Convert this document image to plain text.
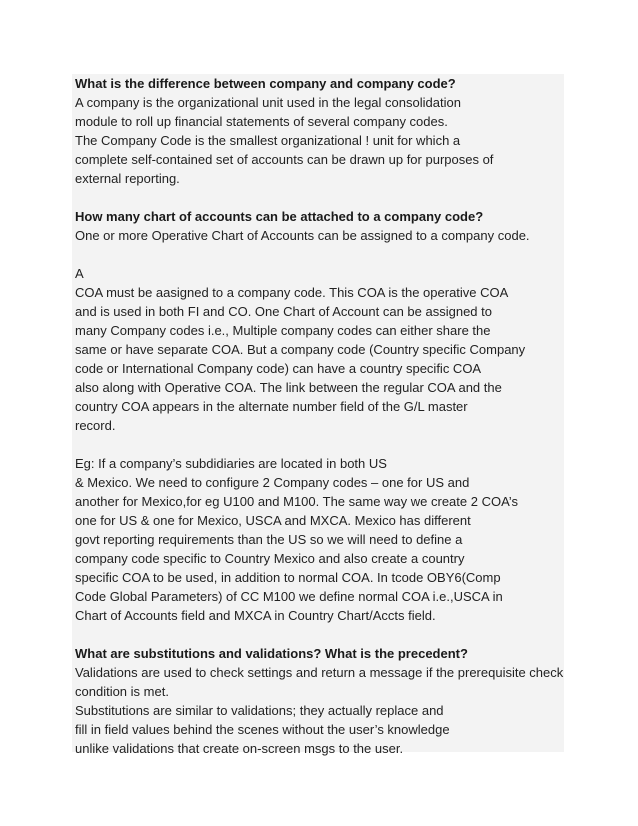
What is the difference between company and company code?
A company is the organizational unit used in the legal consolidation
module to roll up financial statements of several company codes.
The Company Code is the smallest organizational ! unit for which a
complete self-contained set of accounts can be drawn up for purposes of
external reporting.
How many chart of accounts can be attached to a company code?
One or more Operative Chart of Accounts can be assigned to a company code.
A
COA must be aasigned to a company code. This COA is the operative COA
and is used in both FI and CO. One Chart of Account can be assigned to
many Company codes i.e., Multiple company codes can either share the
same or have separate COA. But a company code (Country specific Company
code or International Company code) can have a country specific COA
also along with Operative COA. The link between the regular COA and the
country COA appears in the alternate number field of the G/L master
record.
Eg: If a company’s subdidiaries are located in both US
& Mexico. We need to configure 2 Company codes – one for US and
another for Mexico,for eg U100 and M100. The same way we create 2 COA’s
one for US & one for Mexico, USCA and MXCA. Mexico has different
govt reporting requirements than the US so we will need to define a
company code specific to Country Mexico and also create a country
specific COA to be used, in addition to normal COA. In tcode OBY6(Comp
Code Global Parameters) of CC M100 we define normal COA i.e.,USCA in
Chart of Accounts field and MXCA in Country Chart/Accts field.
What are substitutions and validations? What is the precedent?
Validations are used to check settings and return a message if the prerequisite check
condition is met.
Substitutions are similar to validations; they actually replace and
fill in field values behind the scenes without the user’s knowledge
unlike validations that create on-screen msgs to the user.
